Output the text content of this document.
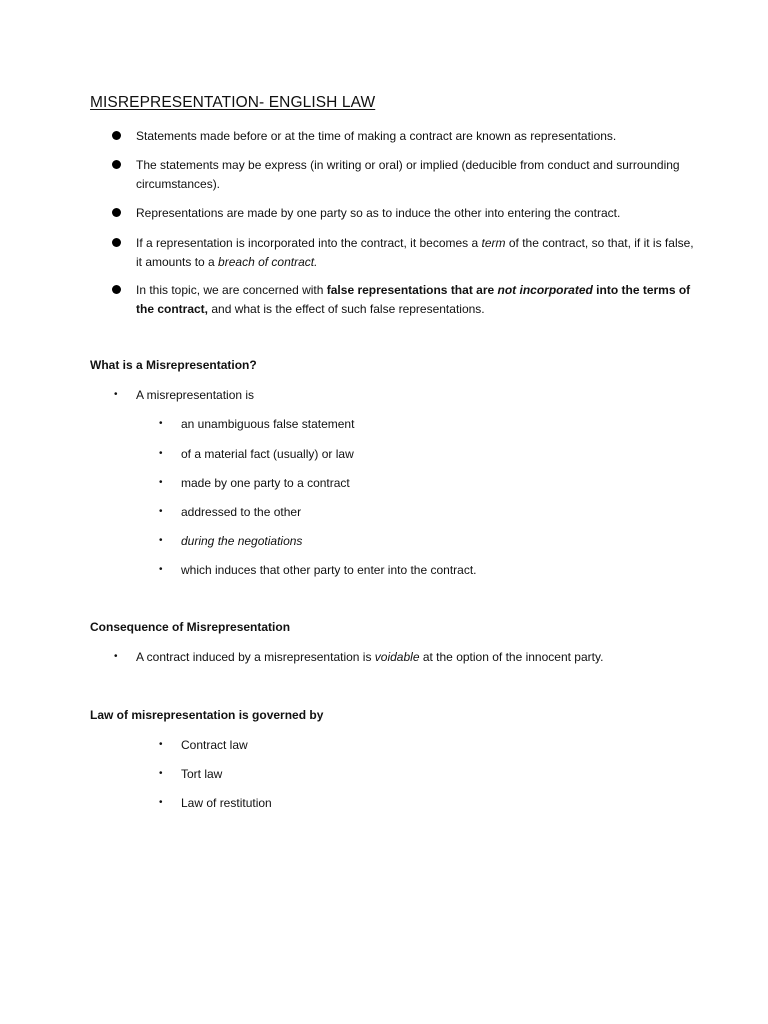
MISREPRESENTATION- ENGLISH LAW
Statements made before or at the time of making a contract are known as representations.
The statements may be express (in writing or oral) or implied (deducible from conduct and surrounding circumstances).
Representations are made by one party so as to induce the other into entering the contract.
If a representation is incorporated into the contract, it becomes a term of the contract, so that, if it is false, it amounts to a breach of contract.
In this topic, we are concerned with false representations that are not incorporated into the terms of the contract, and what is the effect of such false representations.
What is a Misrepresentation?
• A misrepresentation is
• an unambiguous false statement
• of a material fact (usually) or law
• made by one party to a contract
• addressed to the other
• during the negotiations
• which induces that other party to enter into the contract.
Consequence of Misrepresentation
• A contract induced by a misrepresentation is voidable at the option of the innocent party.
Law of misrepresentation is governed by
• Contract law
• Tort law
• Law of restitution
